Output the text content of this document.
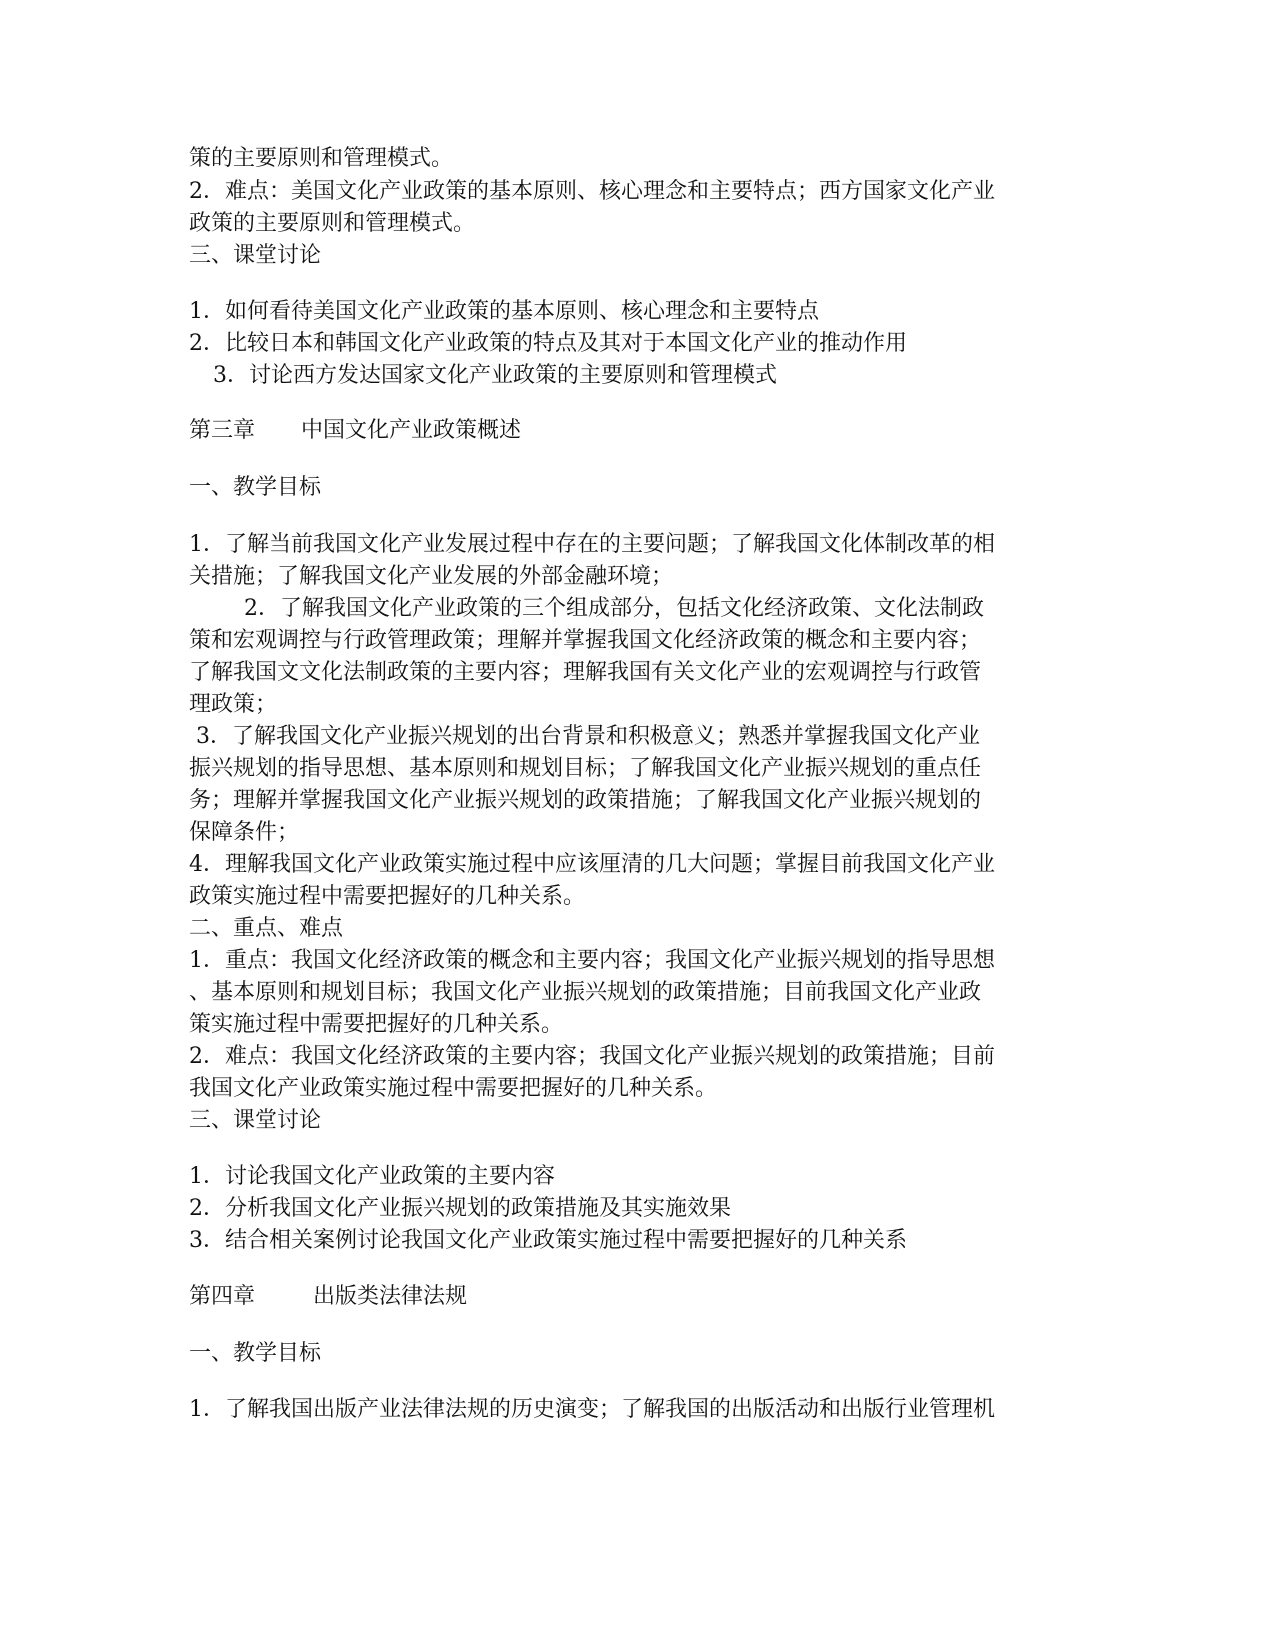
策的主要原则和管理模式。
2．难点：美国文化产业政策的基本原则、核心理念和主要特点；西方国家文化产业
政策的主要原则和管理模式。
三、课堂讨论
1．如何看待美国文化产业政策的基本原则、核心理念和主要特点
2．比较日本和韩国文化产业政策的特点及其对于本国文化产业的推动作用
3．讨论西方发达国家文化产业政策的主要原则和管理模式
第三章	中国文化产业政策概述
一、教学目标
1．了解当前我国文化产业发展过程中存在的主要问题；了解我国文化体制改革的相
关措施；了解我国文化产业发展的外部金融环境；
2．了解我国文化产业政策的三个组成部分，包括文化经济政策、文化法制政
策和宏观调控与行政管理政策；理解并掌握我国文化经济政策的概念和主要内容；
了解我国文文化法制政策的主要内容；理解我国有关文化产业的宏观调控与行政管
理政策；
3．了解我国文化产业振兴规划的出台背景和积极意义；熟悉并掌握我国文化产业
振兴规划的指导思想、基本原则和规划目标；了解我国文化产业振兴规划的重点任
务；理解并掌握我国文化产业振兴规划的政策措施；了解我国文化产业振兴规划的
保障条件；
4．理解我国文化产业政策实施过程中应该厘清的几大问题；掌握目前我国文化产业
政策实施过程中需要把握好的几种关系。
二、重点、难点
1．重点：我国文化经济政策的概念和主要内容；我国文化产业振兴规划的指导思想
、基本原则和规划目标；我国文化产业振兴规划的政策措施；目前我国文化产业政
策实施过程中需要把握好的几种关系。
2．难点：我国文化经济政策的主要内容；我国文化产业振兴规划的政策措施；目前
我国文化产业政策实施过程中需要把握好的几种关系。
三、课堂讨论
1．讨论我国文化产业政策的主要内容
2．分析我国文化产业振兴规划的政策措施及其实施效果
3．结合相关案例讨论我国文化产业政策实施过程中需要把握好的几种关系
第四章	出版类法律法规
一、教学目标
1．了解我国出版产业法律法规的历史演变；了解我国的出版活动和出版行业管理机
